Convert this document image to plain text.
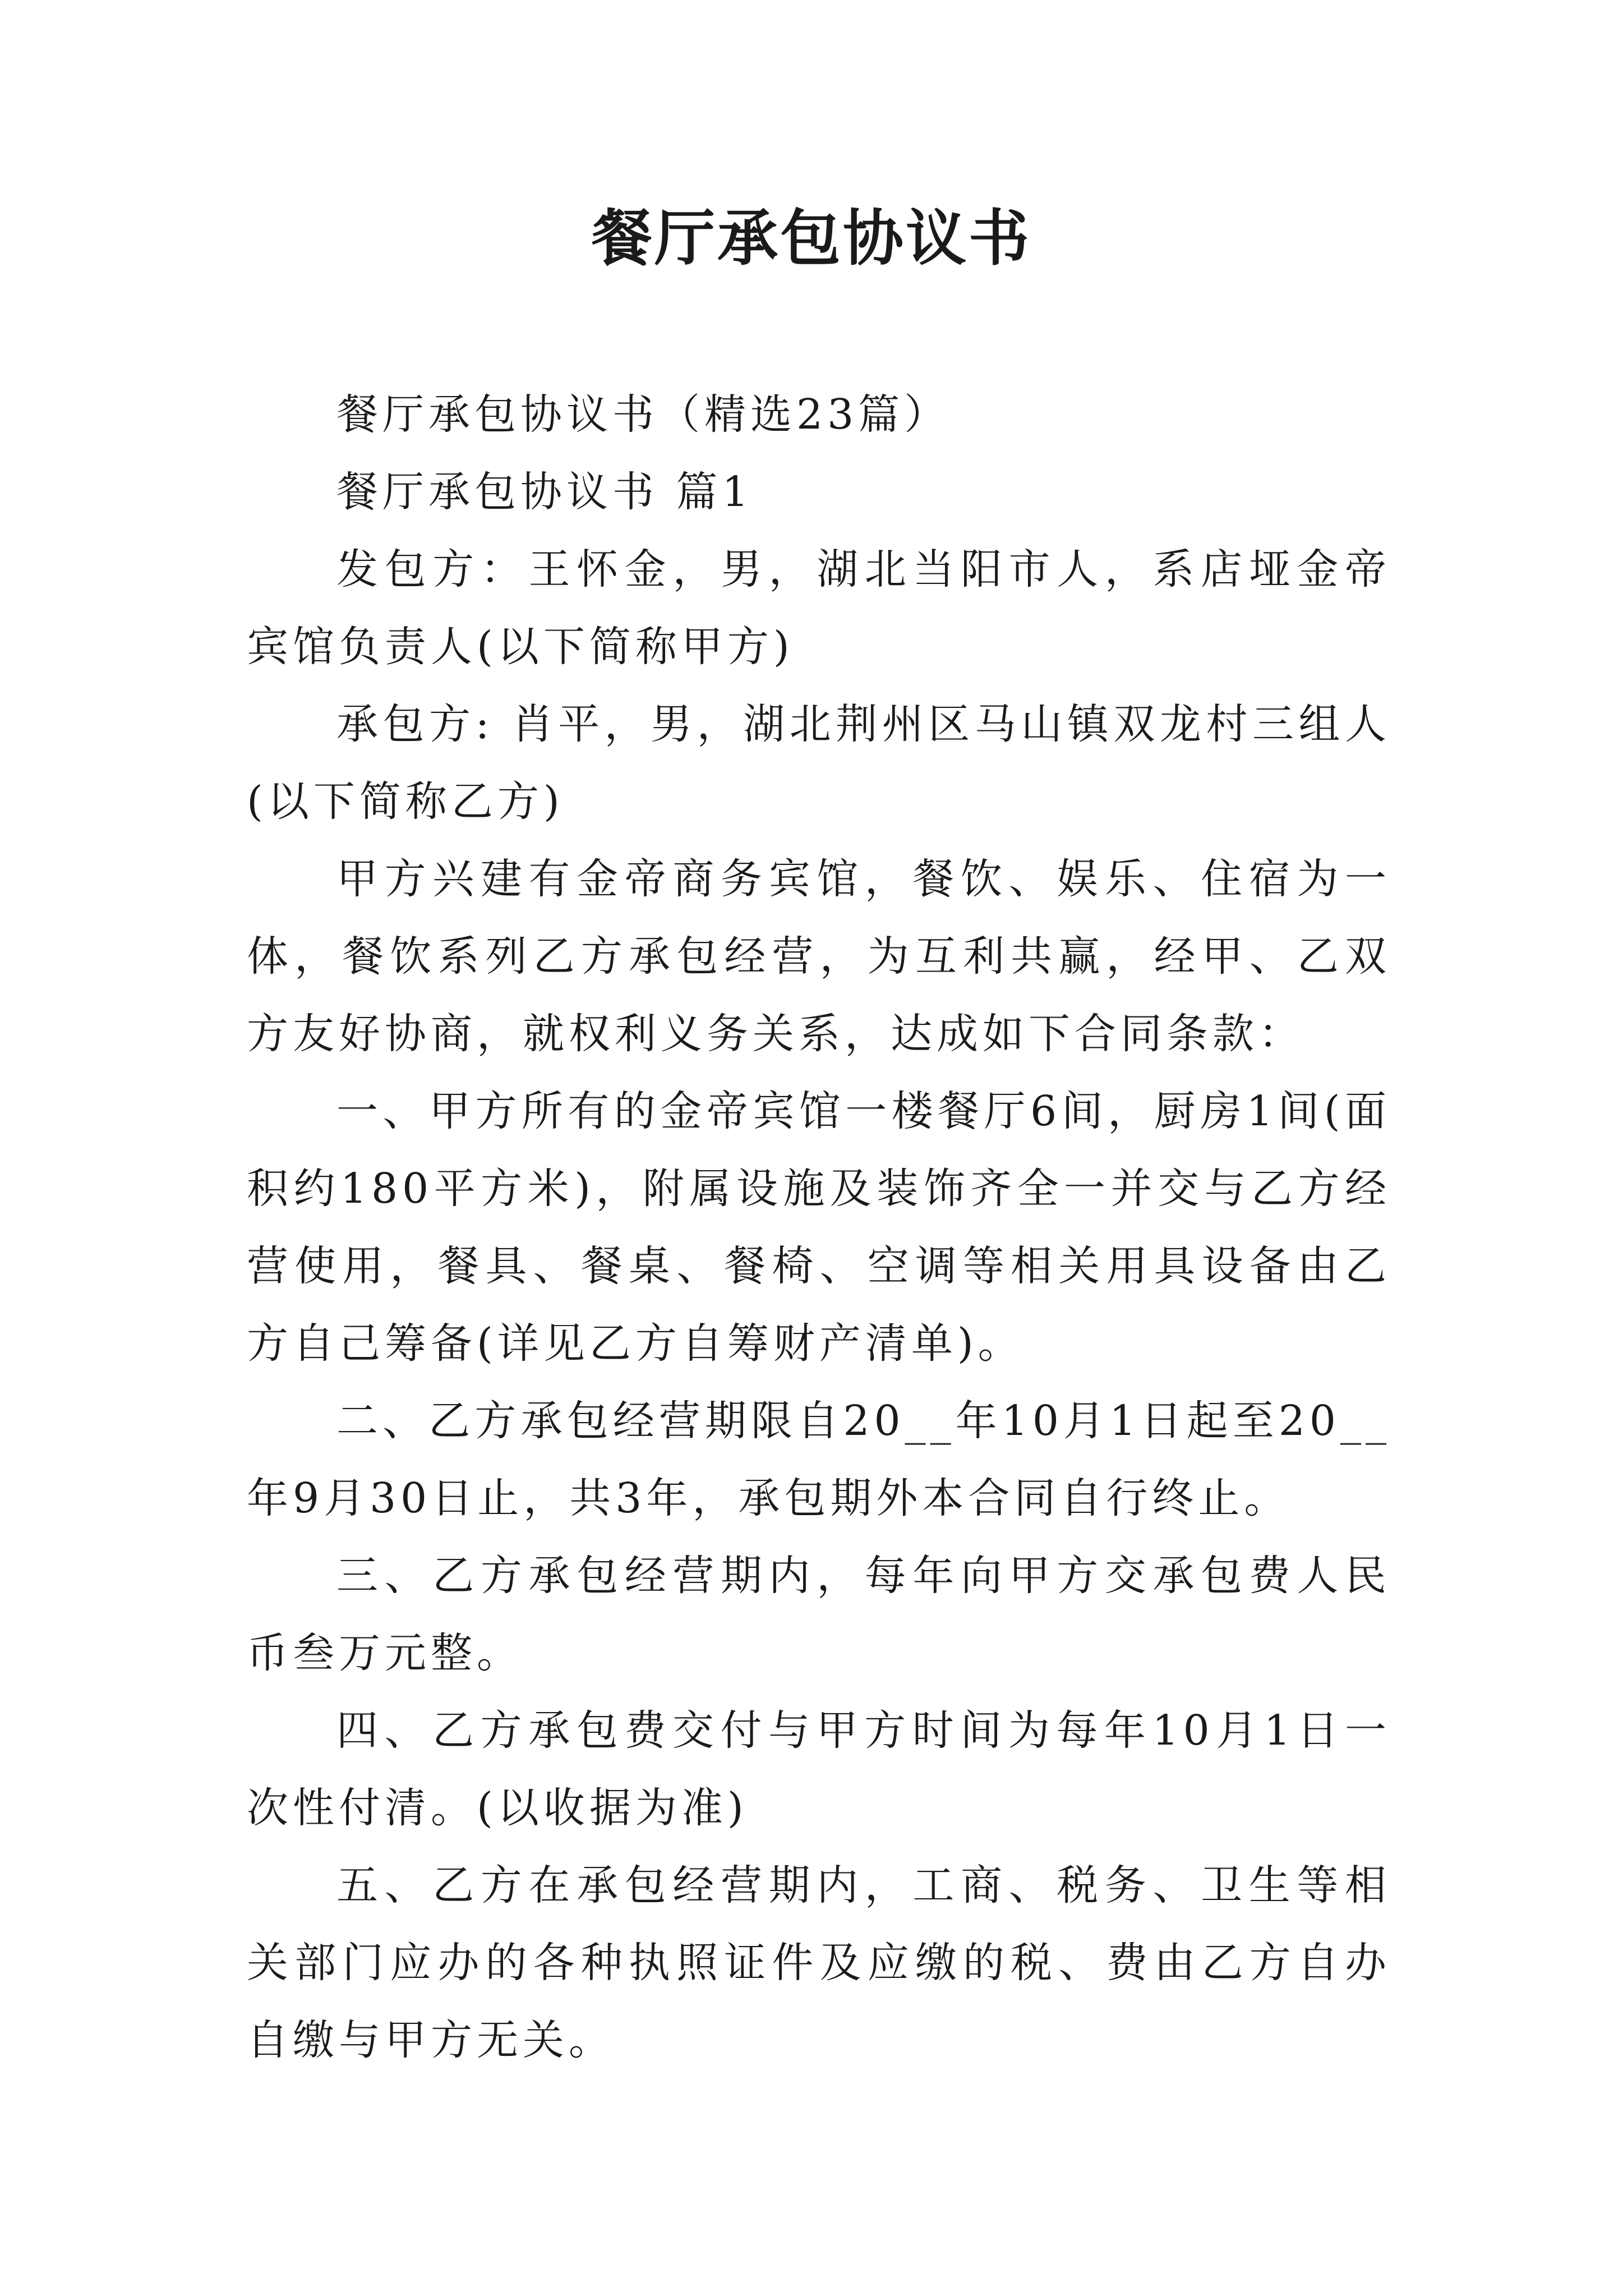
餐厅承包协议书

餐厅承包协议书（精选23篇）

餐厅承包协议书 篇1

发包方：王怀金，男，湖北当阳市人，系店垭金帝宾馆负责人(以下简称甲方)

承包方: 肖平，男，湖北荆州区马山镇双龙村三组人(以下简称乙方)

甲方兴建有金帝商务宾馆，餐饮、娱乐、住宿为一体，餐饮系列乙方承包经营，为互利共赢，经甲、乙双方友好协商，就权利义务关系，达成如下合同条款：

一、甲方所有的金帝宾馆一楼餐厅6间，厨房1间(面积约180平方米)，附属设施及装饰齐全一并交与乙方经营使用，餐具、餐桌、餐椅、空调等相关用具设备由乙方自己筹备(详见乙方自筹财产清单)。

二、乙方承包经营期限自20__年10月1日起至20__年9月30日止，共3年，承包期外本合同自行终止。

三、乙方承包经营期内，每年向甲方交承包费人民币叁万元整。

四、乙方承包费交付与甲方时间为每年10月1日一次性付清。(以收据为准)

五、乙方在承包经营期内，工商、税务、卫生等相关部门应办的各种执照证件及应缴的税、费由乙方自办自缴与甲方无关。
